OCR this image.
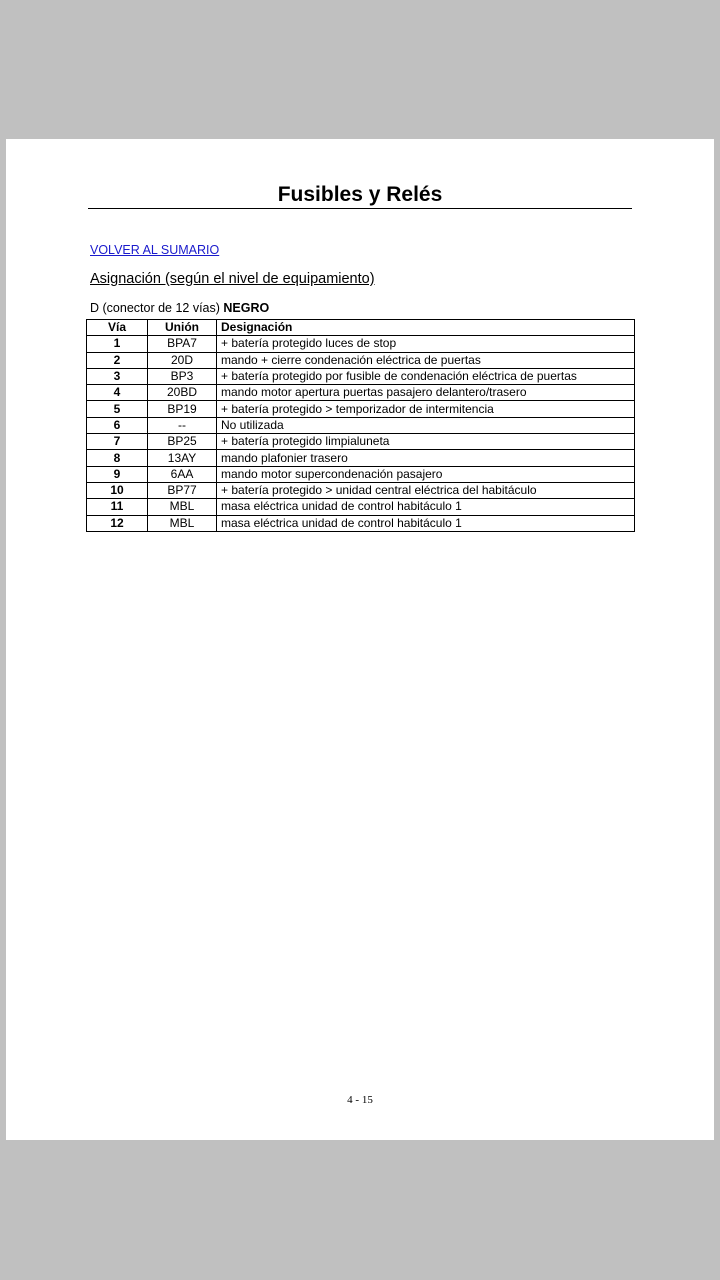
Fusibles y Relés
VOLVER AL SUMARIO
Asignación (según el nivel de equipamiento)
D (conector de 12 vías) NEGRO
Vía	Unión	Designación
1	BPA7	+ batería protegido luces de stop
2	20D	mando + cierre condenación eléctrica de puertas
3	BP3	+ batería protegido por fusible de condenación eléctrica de puertas
4	20BD	mando motor apertura puertas pasajero delantero/trasero
5	BP19	+ batería protegido > temporizador de intermitencia
6	--	No utilizada
7	BP25	+ batería protegido limpialuneta
8	13AY	mando plafonier trasero
9	6AA	mando motor supercondenación pasajero
10	BP77	+ batería protegido > unidad central eléctrica del habitáculo
11	MBL	masa eléctrica unidad de control habitáculo 1
12	MBL	masa eléctrica unidad de control habitáculo 1
4 - 15
